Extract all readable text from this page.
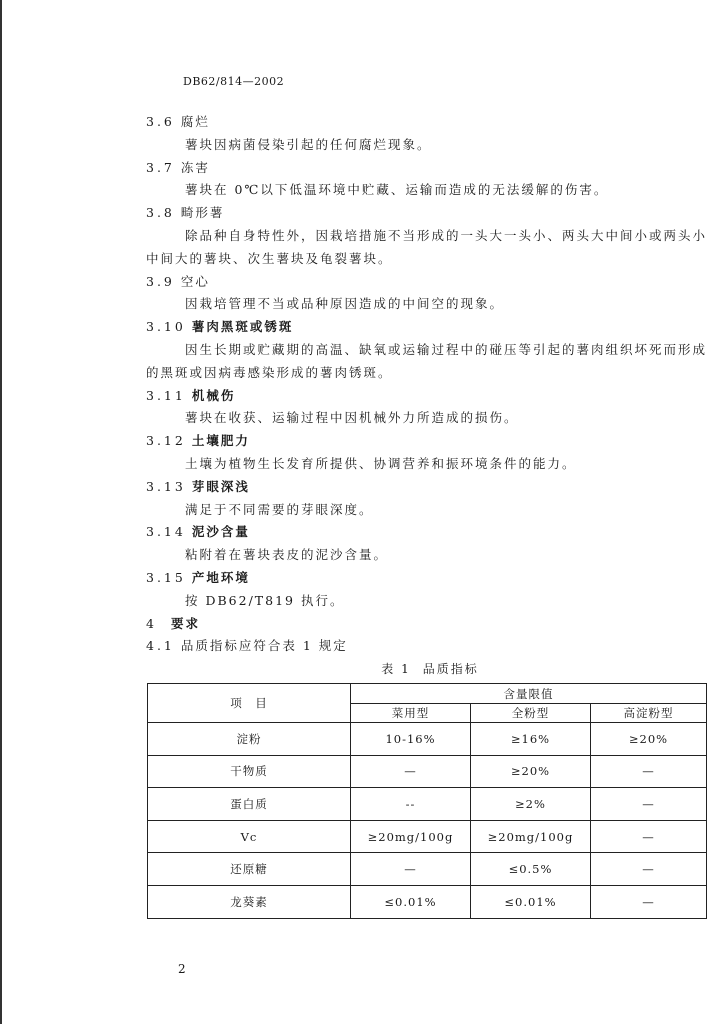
DB62/814—2002
3.6 腐烂
薯块因病菌侵染引起的任何腐烂现象。
3.7 冻害
薯块在 0℃以下低温环境中贮藏、运输而造成的无法缓解的伤害。
3.8 畸形薯
除品种自身特性外，因栽培措施不当形成的一头大一头小、两头大中间小或两头小
中间大的薯块、次生薯块及龟裂薯块。
3.9 空心
因栽培管理不当或品种原因造成的中间空的现象。
3.10 薯肉黑斑或锈斑
因生长期或贮藏期的高温、缺氧或运输过程中的碰压等引起的薯肉组织坏死而形成
的黑斑或因病毒感染形成的薯肉锈斑。
3.11 机械伤
薯块在收获、运输过程中因机械外力所造成的损伤。
3.12 土壤肥力
土壤为植物生长发育所提供、协调营养和振环境条件的能力。
3.13 芽眼深浅
满足于不同需要的芽眼深度。
3.14 泥沙含量
粘附着在薯块表皮的泥沙含量。
3.15 产地环境
按 DB62/T819 执行。
4 要求
4.1 品质指标应符合表 1 规定
表 1 品质指标
项　目	含量限值		
	菜用型	全粉型	高淀粉型
淀粉	10-16%	≥16%	≥20%
干物质	—	≥20%	—
蛋白质	--	≥2%	—
Vc	≥20mg/100g	≥20mg/100g	—
还原糖	—	≤0.5%	—
龙葵素	≤0.01%	≤0.01%	—
2
